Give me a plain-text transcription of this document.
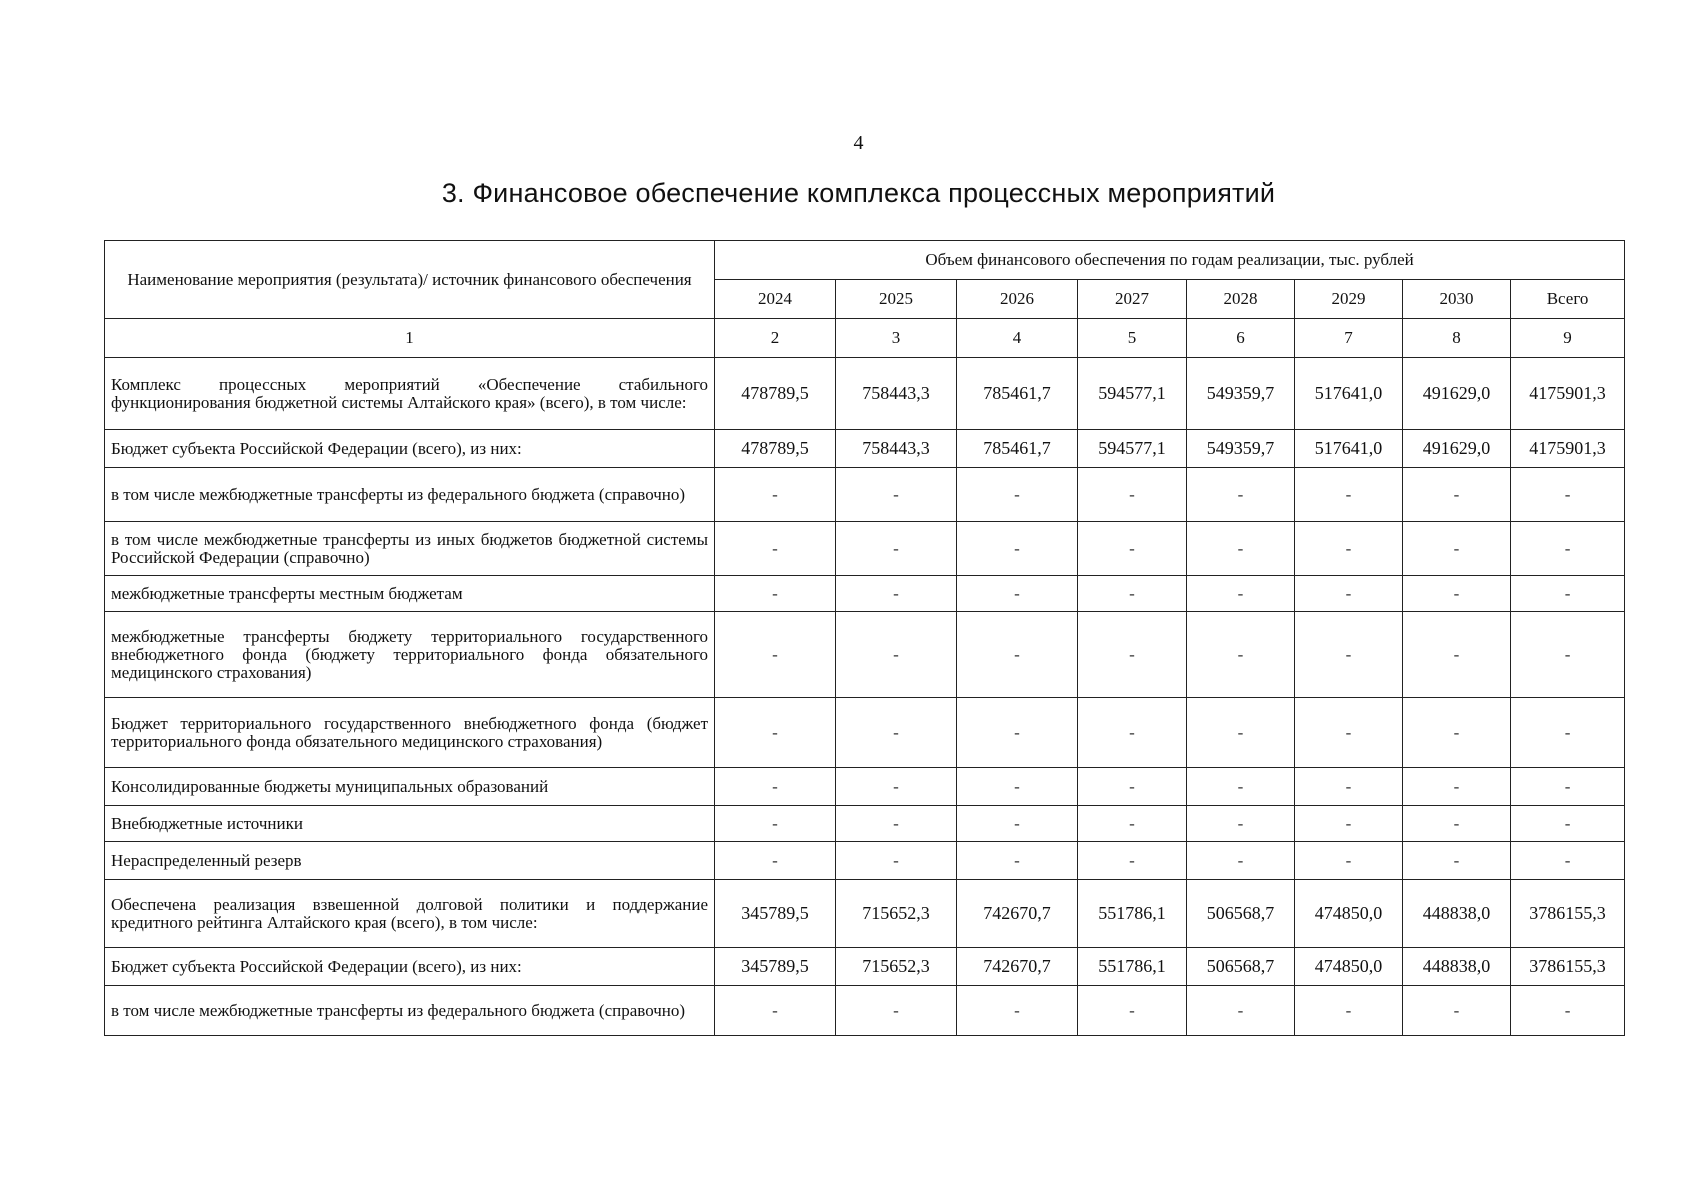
4
3. Финансовое обеспечение комплекса процессных мероприятий
Наименование мероприятия (результата)/ источник финансового обеспечения	Объем финансового обеспечения по годам реализации, тыс. рублей							
	2024	2025	2026	2027	2028	2029	2030	Всего
1	2	3	4	5	6	7	8	9
Комплекс процессных мероприятий «Обеспечение стабильного функционирования бюджетной системы Алтайского края» (всего), в том числе:	478789,5	758443,3	785461,7	594577,1	549359,7	517641,0	491629,0	4175901,3
Бюджет субъекта Российской Федерации (всего), из них:	478789,5	758443,3	785461,7	594577,1	549359,7	517641,0	491629,0	4175901,3
в том числе межбюджетные трансферты из федерального бюджета (справочно)	-	-	-	-	-	-	-	-
в том числе межбюджетные трансферты из иных бюджетов бюджетной системы Российской Федерации (справочно)	-	-	-	-	-	-	-	-
межбюджетные трансферты местным бюджетам	-	-	-	-	-	-	-	-
межбюджетные трансферты бюджету территориального государственного внебюджетного фонда (бюджету территориального фонда обязательного медицинского страхования)	-	-	-	-	-	-	-	-
Бюджет территориального государственного внебюджетного фонда (бюджет территориального фонда обязательного медицинского страхования)	-	-	-	-	-	-	-	-
Консолидированные бюджеты муниципальных образований	-	-	-	-	-	-	-	-
Внебюджетные источники	-	-	-	-	-	-	-	-
Нераспределенный резерв	-	-	-	-	-	-	-	-
Обеспечена реализация взвешенной долговой политики и поддержание кредитного рейтинга Алтайского края (всего), в том числе:	345789,5	715652,3	742670,7	551786,1	506568,7	474850,0	448838,0	3786155,3
Бюджет субъекта Российской Федерации (всего), из них:	345789,5	715652,3	742670,7	551786,1	506568,7	474850,0	448838,0	3786155,3
в том числе межбюджетные трансферты из федерального бюджета (справочно)	-	-	-	-	-	-	-	-
